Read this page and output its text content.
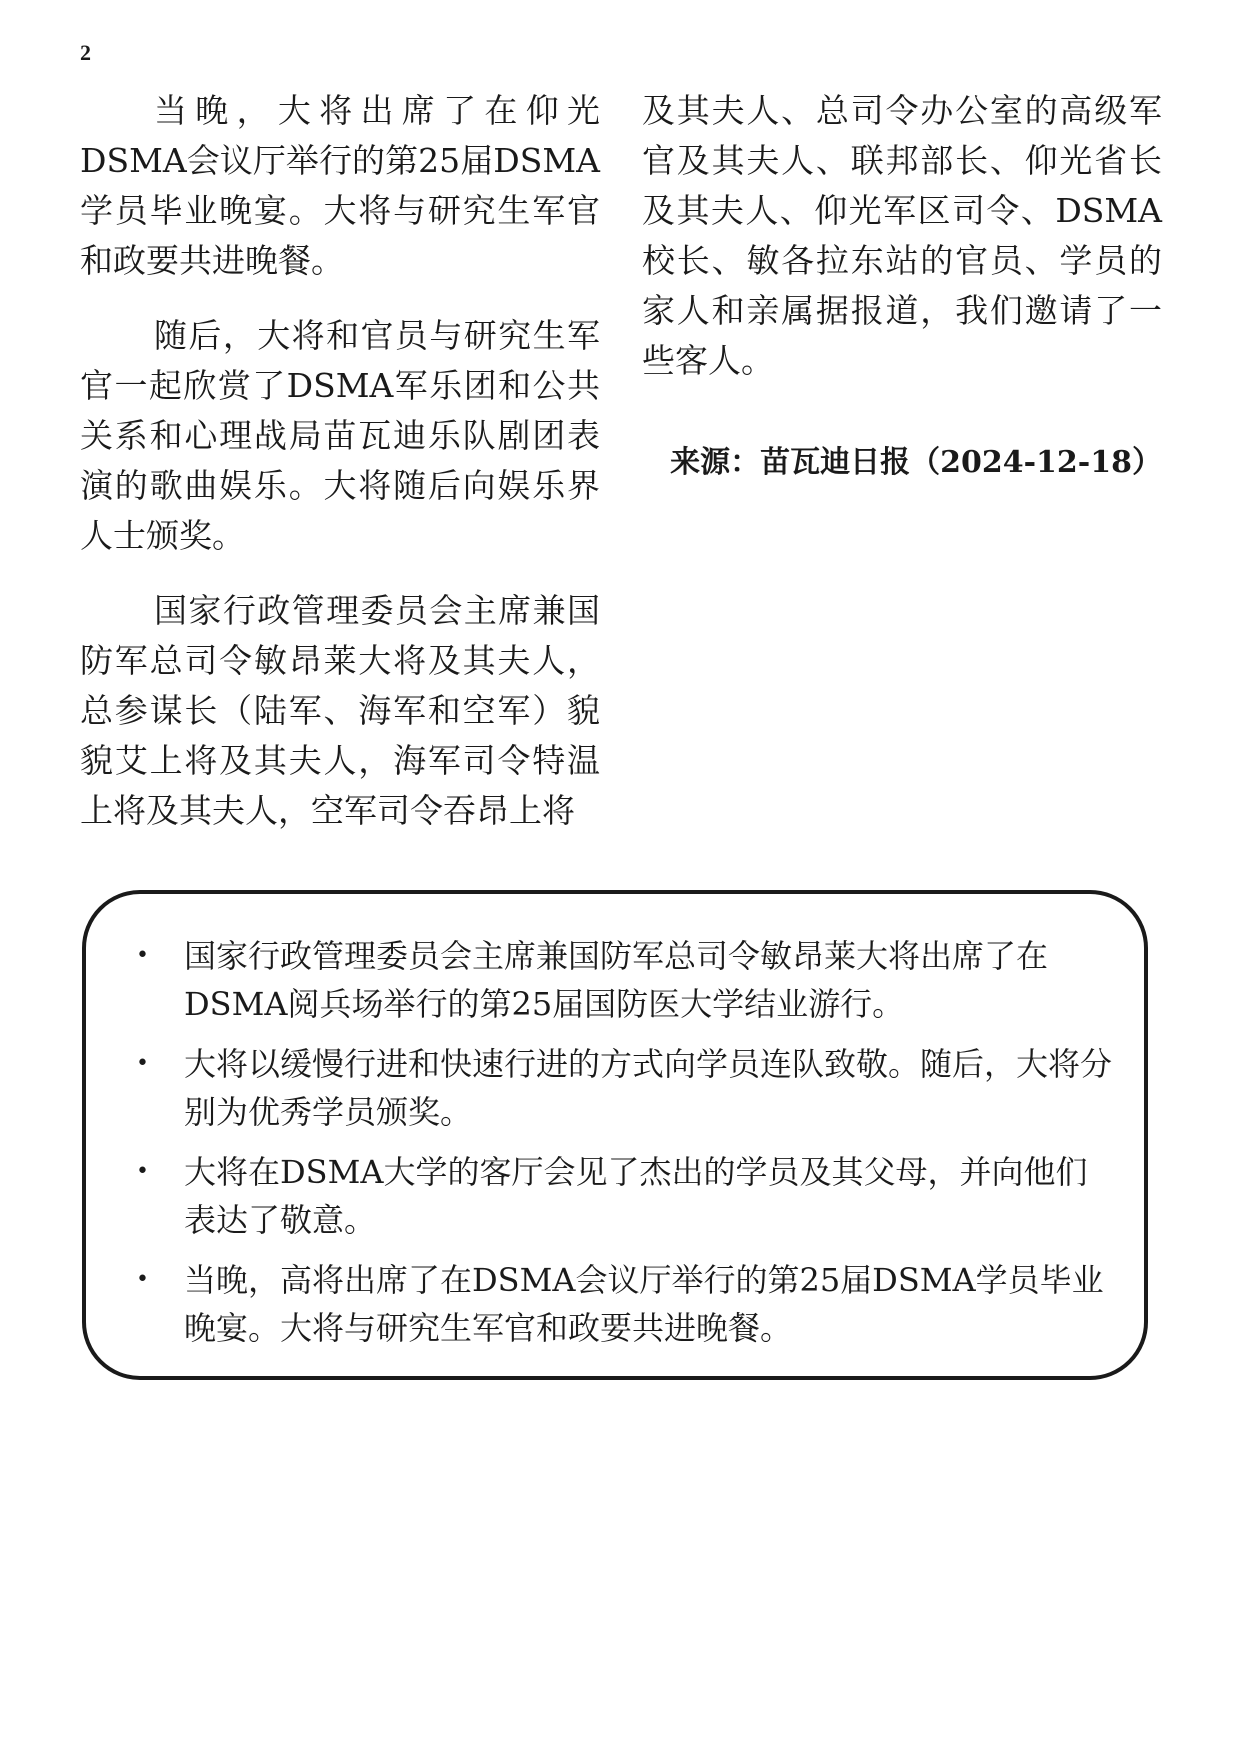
2

当晚，大将出席了在仰光DSMA会议厅举行的第25届DSMA学员毕业晚宴。大将与研究生军官和政要共进晚餐。

随后，大将和官员与研究生军官一起欣赏了DSMA军乐团和公共关系和心理战局苗瓦迪乐队剧团表演的歌曲娱乐。大将随后向娱乐界人士颁奖。

国家行政管理委员会主席兼国防军总司令敏昂莱大将及其夫人，总参谋长（陆军、海军和空军）貌貌艾上将及其夫人，海军司令特温上将及其夫人，空军司令吞昂上将

及其夫人、总司令办公室的高级军官及其夫人、联邦部长、仰光省长及其夫人、仰光军区司令、DSMA校长、敏各拉东站的官员、学员的家人和亲属据报道，我们邀请了一些客人。

来源：苗瓦迪日报（2024-12-18）
• 国家行政管理委员会主席兼国防军总司令敏昂莱大将出席了在DSMA阅兵场举行的第25届国防医大学结业游行。
• 大将以缓慢行进和快速行进的方式向学员连队致敬。随后，大将分别为优秀学员颁奖。
• 大将在DSMA大学的客厅会见了杰出的学员及其父母，并向他们表达了敬意。
• 当晚，高将出席了在DSMA会议厅举行的第25届DSMA学员毕业晚宴。大将与研究生军官和政要共进晚餐。
